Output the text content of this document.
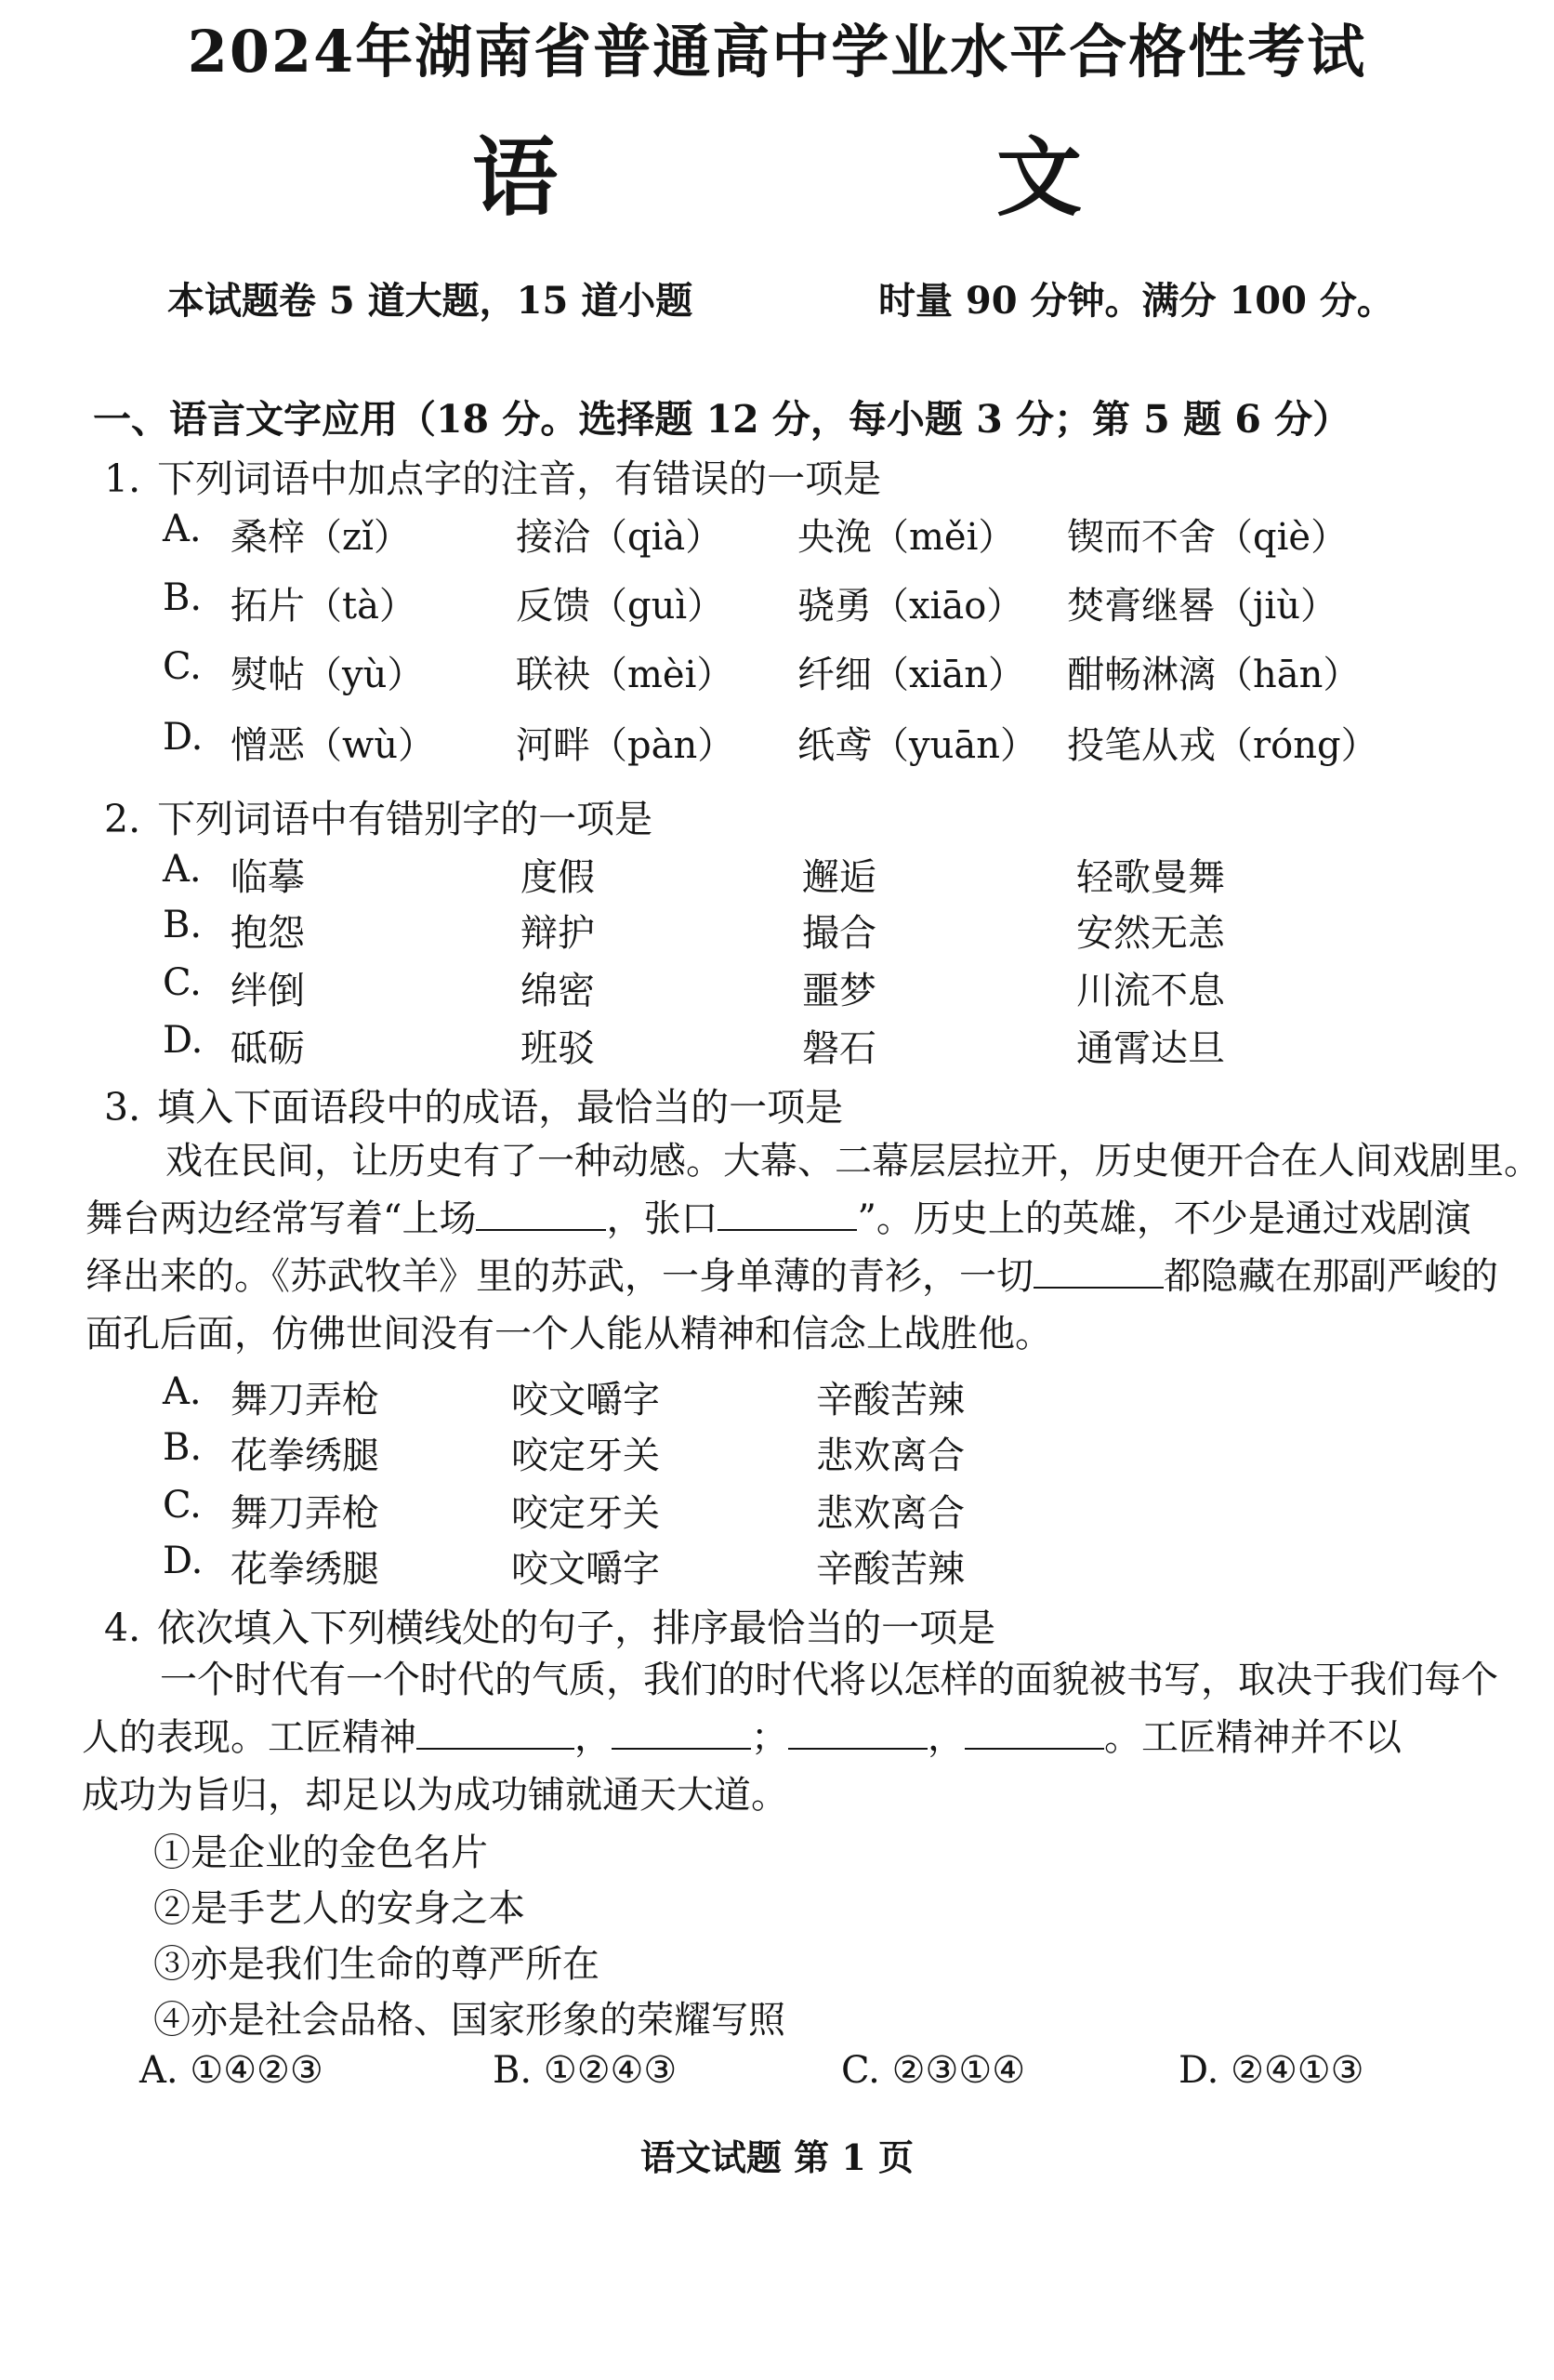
2024年湖南省普通高中学业水平合格性考试
语　文
本试题卷 5 道大题，15 道小题	时量 90 分钟。满分 100 分。
一、语言文字应用（18 分。选择题 12 分，每小题 3 分；第 5 题 6 分）
1. 下列词语中加点字的注音，有错误的一项是
A. 桑梓（zǐ）	接洽（qià） 央浼（měi） 锲而不舍（qiè）
B. 拓片（tà）	反馈（guì） 骁勇（xiāo） 焚膏继晷（jiù）
C. 熨帖（yù） 联袂（mèi） 纤细（xiān） 酣畅淋漓（hān）
D. 憎恶（wù） 河畔（pàn） 纸鸢（yuān） 投笔从戎（róng）
2. 下列词语中有错别字的一项是
A. 临摹	度假	邂逅	轻歌曼舞
B. 抱怨	辩护	撮合	安然无恙
C. 绊倒	绵密	噩梦	川流不息
D. 砥砺	班驳	磐石	通霄达旦
3. 填入下面语段中的成语，最恰当的一项是
戏在民间，让历史有了一种动感。大幕、二幕层层拉开，历史便开合在人间戏剧里。
舞台两边经常写着“上场	，张口	”。历史上的英雄，不少是通过戏剧演
绎出来的。《苏武牧羊》里的苏武，一身单薄的青衫，一切	都隐藏在那副严峻的
面孔后面，仿佛世间没有一个人能从精神和信念上战胜他。
A. 舞刀弄枪	咬文嚼字	辛酸苦辣
B. 花拳绣腿	咬定牙关	悲欢离合
C. 舞刀弄枪	咬定牙关	悲欢离合
D. 花拳绣腿	咬文嚼字	辛酸苦辣
4. 依次填入下列横线处的句子，排序最恰当的一项是
一个时代有一个时代的气质，我们的时代将以怎样的面貌被书写，取决于我们每个
人的表现。工匠精神	，	；	，	。工匠精神并不以
成功为旨归，却足以为成功铺就通天大道。
①是企业的金色名片
②是手艺人的安身之本
③亦是我们生命的尊严所在
④亦是社会品格、国家形象的荣耀写照
A. ①④②③	B. ①②④③	C. ②③①④	D. ②④①③
语文试题 第 1 页
